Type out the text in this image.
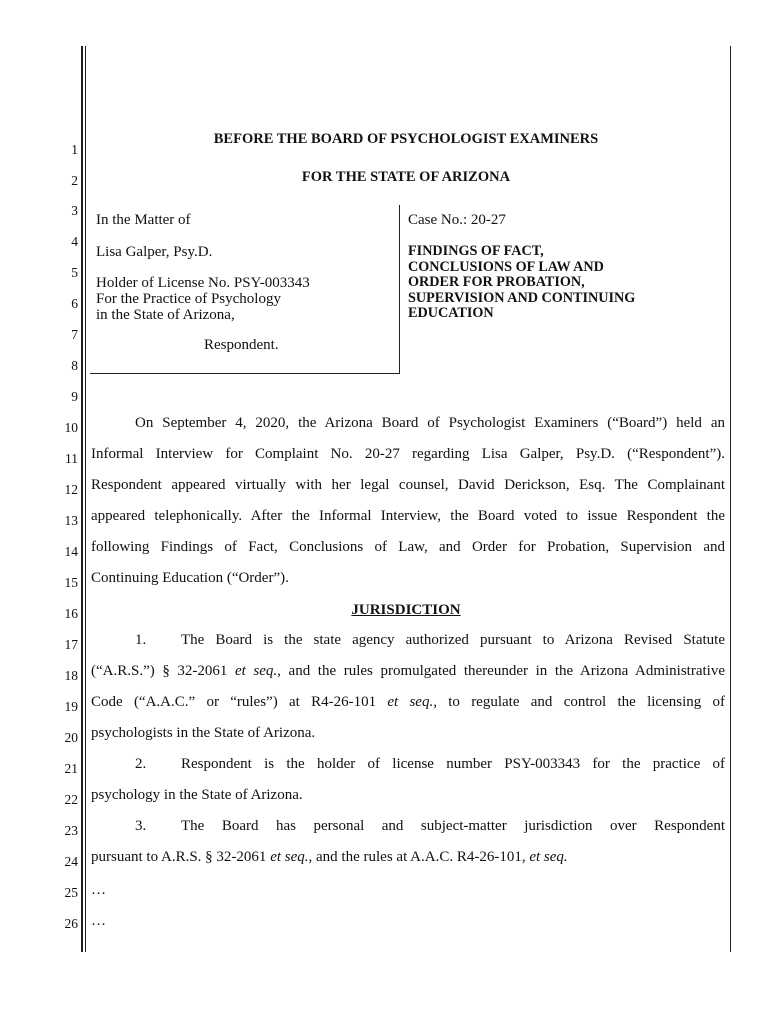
1
2
3
4
5
6
7
8
9
10
11
12
13
14
15
16
17
18
19
20
21
22
23
24
25
26
BEFORE THE BOARD OF PSYCHOLOGIST EXAMINERS
FOR THE STATE OF ARIZONA
In the Matter of
Lisa Galper, Psy.D.
Holder of License No. PSY-003343
For the Practice of Psychology
in the State of Arizona,
Respondent.
Case No.: 20-27
FINDINGS OF FACT,
CONCLUSIONS OF LAW AND
ORDER FOR PROBATION,
SUPERVISION AND CONTINUING
EDUCATION
On September 4, 2020, the Arizona Board of Psychologist Examiners (“Board”) held an
Informal Interview for Complaint No. 20-27 regarding Lisa Galper, Psy.D. (“Respondent”).
Respondent appeared virtually with her legal counsel, David Derickson, Esq. The Complainant
appeared telephonically. After the Informal Interview, the Board voted to issue Respondent the
following Findings of Fact, Conclusions of Law, and Order for Probation, Supervision and
Continuing Education (“Order”).
JURISDICTION
1. The Board is the state agency authorized pursuant to Arizona Revised Statute
(“A.R.S.”) § 32-2061 et seq., and the rules promulgated thereunder in the Arizona Administrative
Code (“A.A.C.” or “rules”) at R4-26-101 et seq., to regulate and control the licensing of
psychologists in the State of Arizona.
2. Respondent is the holder of license number PSY-003343 for the practice of
psychology in the State of Arizona.
3. The Board has personal and subject-matter jurisdiction over Respondent
pursuant to A.R.S. § 32-2061 et seq., and the rules at A.A.C. R4-26-101, et seq.
…
…
